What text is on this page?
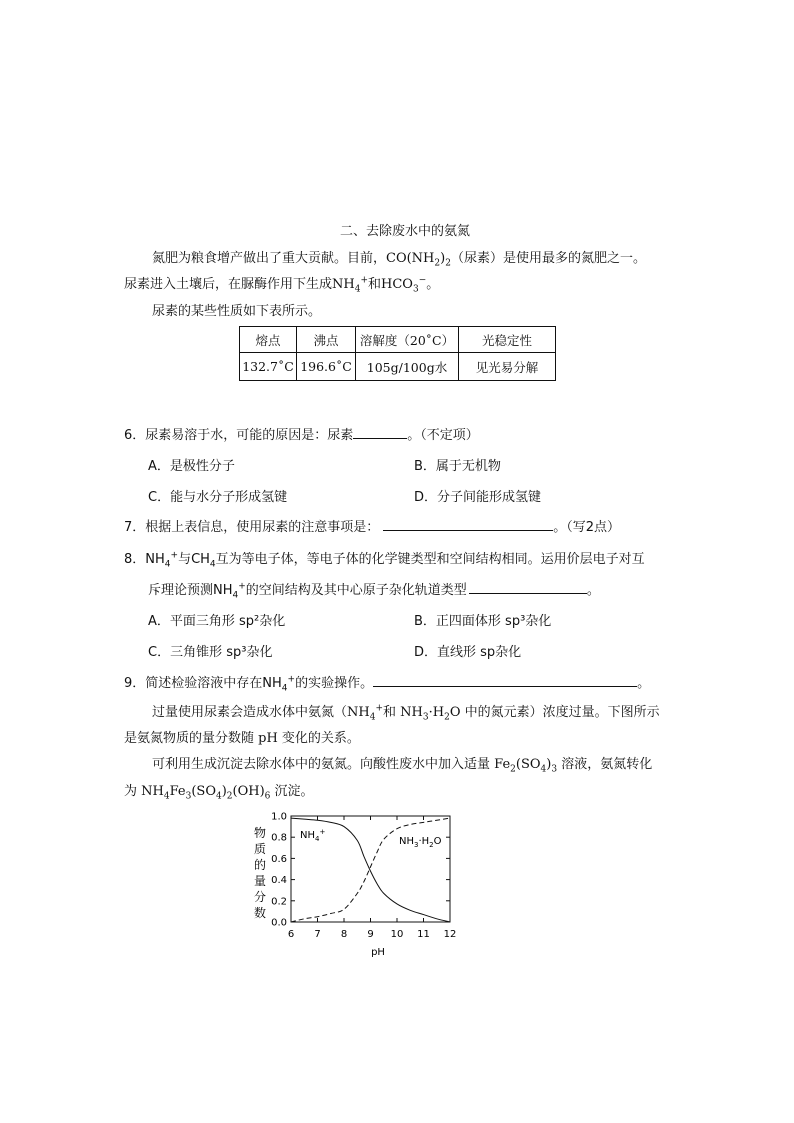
二、去除废水中的氨氮
氮肥为粮食增产做出了重大贡献。目前，$CO(NH_2)_2$（尿素）是使用最多的氮肥之一。
尿素进入土壤后，在脲酶作用下生成$NH_4^+$和$HCO_3^-$。
尿素的某些性质如下表所示。
熔点	沸点	溶解度（20˚C）	光稳定性
132.7˚C	196.6˚C	105g/100g水	见光易分解
6．尿素易溶于水，可能的原因是：尿素	。（不定项）
A．是极性分子	B．属于无机物
C．能与水分子形成氢键	D．分子间能形成氢键
7．根据上表信息，使用尿素的注意事项是：	。（写2点）
8．$NH_4^+$与$CH_4$互为等电子体，等电子体的化学键类型和空间结构相同。运用价层电子对互
斥理论预测$NH_4^+$的空间结构及其中心原子杂化轨道类型	。
A．平面三角形 sp²杂化	B．正四面体形 sp³杂化
C．三角锥形 sp³杂化	D．直线形 sp杂化
9．简述检验溶液中存在$NH_4^+$的实验操作。	。
过量使用尿素会造成水体中氨氮（$NH_4^+$和 $NH_3\cdot H_2O$ 中的氮元素）浓度过量。下图所示
是氨氮物质的量分数随 pH 变化的关系。
可利用生成沉淀去除水体中的氨氮。向酸性废水中加入适量 $Fe_2(SO_4)_3$ 溶液，氨氮转化
为 $NH_4Fe_3(SO_4)_2(OH)_6$ 沉淀。
物
质
的
量
分
数
6 7 8 9 10 11 12
0.0
0.2
0.4
0.6
0.8
1.0
$NH_4^+$
$NH_3\cdot H_2O$
pH
